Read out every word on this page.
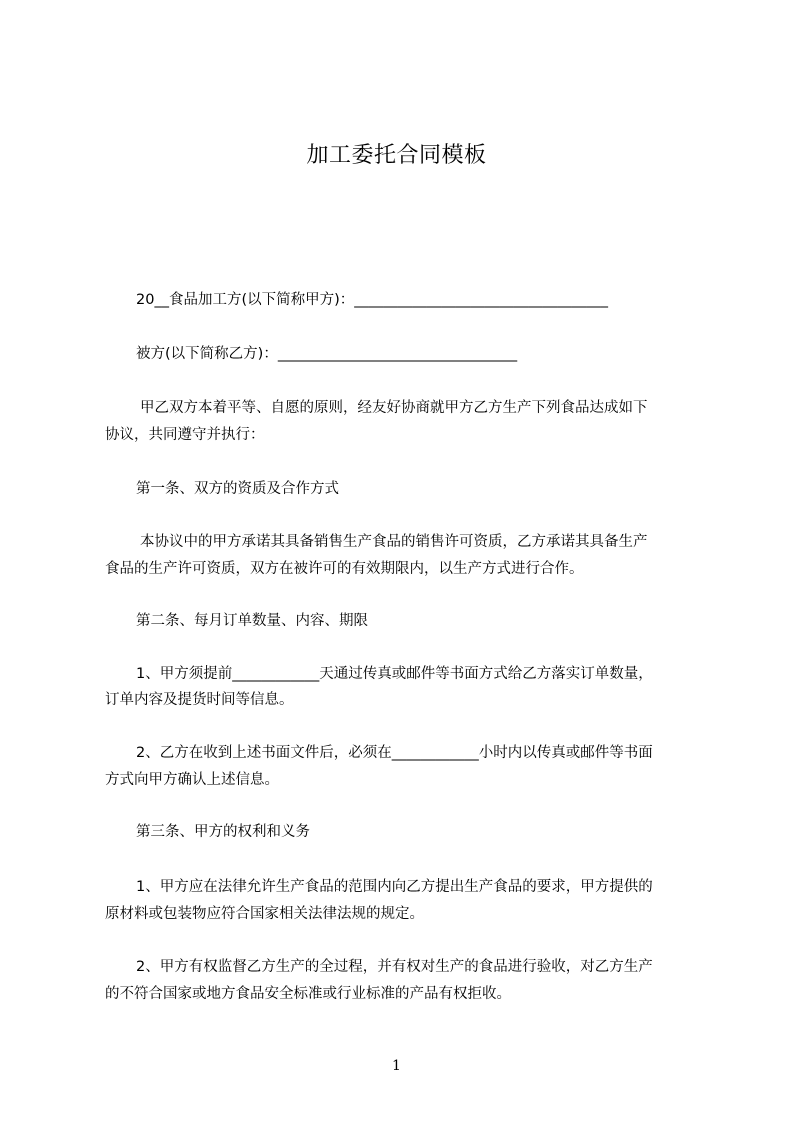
加工委托合同模板
20__食品加工方(以下简称甲方)：___________________________________
被方(以下简称乙方)：_________________________________
甲乙双方本着平等、自愿的原则，经友好协商就甲方乙方生产下列食品达成如下
协议，共同遵守并执行：
第一条、双方的资质及合作方式
本协议中的甲方承诺其具备销售生产食品的销售许可资质，乙方承诺其具备生产
食品的生产许可资质，双方在被许可的有效期限内，以生产方式进行合作。
第二条、每月订单数量、内容、期限
1、甲方须提前____________天通过传真或邮件等书面方式给乙方落实订单数量，
订单内容及提货时间等信息。
2、乙方在收到上述书面文件后，必须在____________小时内以传真或邮件等书面
方式向甲方确认上述信息。
第三条、甲方的权利和义务
1、甲方应在法律允许生产食品的范围内向乙方提出生产食品的要求，甲方提供的
原材料或包装物应符合国家相关法律法规的规定。
2、甲方有权监督乙方生产的全过程，并有权对生产的食品进行验收，对乙方生产
的不符合国家或地方食品安全标准或行业标准的产品有权拒收。
1
